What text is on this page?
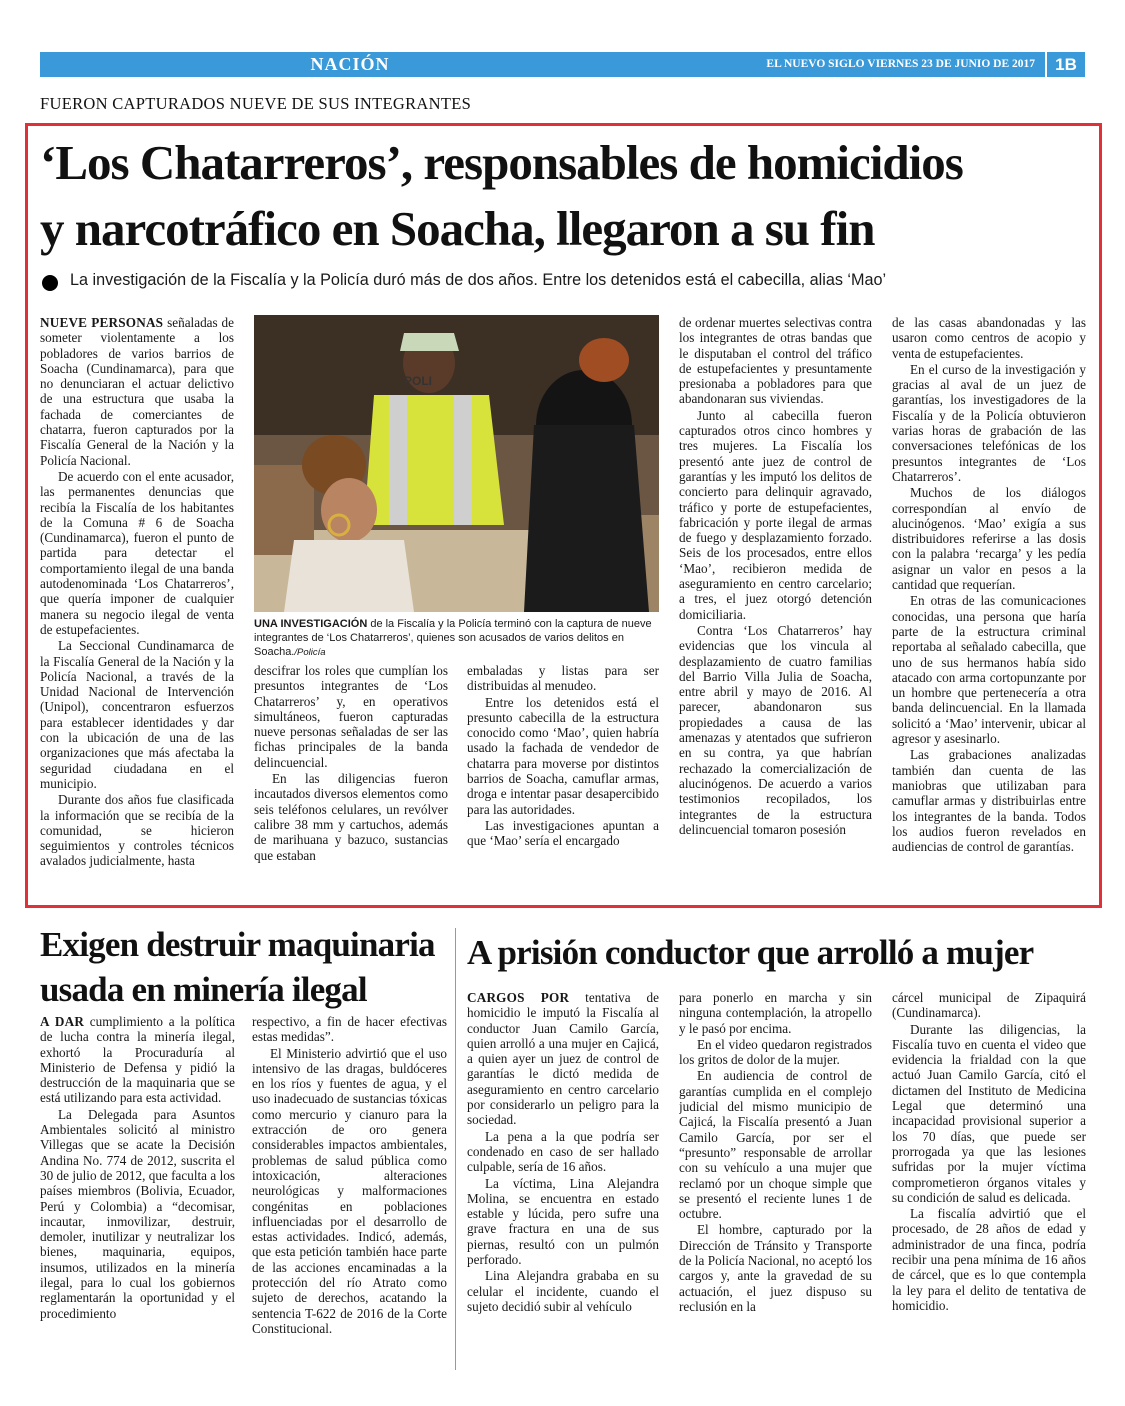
NACIÓN	EL NUEVO SIGLO VIERNES 23 DE JUNIO DE 2017	1B
FUERON CAPTURADOS NUEVE DE SUS INTEGRANTES
‘Los Chatarreros’, responsables de homicidios
y narcotráfico en Soacha, llegaron a su fin
La investigación de la Fiscalía y la Policía duró más de dos años. Entre los detenidos está el cabecilla, alias ‘Mao’

NUEVE PERSONAS señaladas de someter violentamente a los pobladores de varios barrios de Soacha (Cundinamarca), para que no denunciaran el actuar delictivo de una estructura que usaba la fachada de comerciantes de chatarra, fueron capturados por la Fiscalía General de la Nación y la Policía Nacional.

De acuerdo con el ente acusador, las permanentes denuncias que recibía la Fiscalía de los habitantes de la Comuna # 6 de Soacha (Cundinamarca), fueron el punto de partida para detectar el comportamiento ilegal de una banda autodenominada ‘Los Chatarreros’, que quería imponer de cualquier manera su negocio ilegal de venta de estupefacientes.

La Seccional Cundinamarca de la Fiscalía General de la Nación y la Policía Nacional, a través de la Unidad Nacional de Intervención (Unipol), concentraron esfuerzos para establecer identidades y dar con la ubicación de una de las organizaciones que más afectaba la seguridad ciudadana en el municipio.

Durante dos años fue clasificada la información que se recibía de la comunidad, se hicieron seguimientos y controles técnicos avalados judicialmente, hasta

POLI
UNA INVESTIGACIÓN de la Fiscalía y la Policía terminó con la captura de nueve integrantes de ‘Los Chatarreros’, quienes son acusados de varios delitos en Soacha./Policía

descifrar los roles que cumplían los presuntos integrantes de ‘Los Chatarreros’ y, en operativos simultáneos, fueron capturadas nueve personas señaladas de ser las fichas principales de la banda delincuencial.

En las diligencias fueron incautados diversos elementos como seis teléfonos celulares, un revólver calibre 38 mm y cartuchos, además de marihuana y bazuco, sustancias que estaban

embaladas y listas para ser distribuidas al menudeo.

Entre los detenidos está el presunto cabecilla de la estructura conocido como ‘Mao’, quien habría usado la fachada de vendedor de chatarra para moverse por distintos barrios de Soacha, camuflar armas, droga e intentar pasar desapercibido para las autoridades.

Las investigaciones apuntan a que ‘Mao’ sería el encargado

de ordenar muertes selectivas contra los integrantes de otras bandas que le disputaban el control del tráfico de estupefacientes y presuntamente presionaba a pobladores para que abandonaran sus viviendas.

Junto al cabecilla fueron capturados otros cinco hombres y tres mujeres. La Fiscalía los presentó ante juez de control de garantías y les imputó los delitos de concierto para delinquir agravado, tráfico y porte de estupefacientes, fabricación y porte ilegal de armas de fuego y desplazamiento forzado. Seis de los procesados, entre ellos ‘Mao’, recibieron medida de aseguramiento en centro carcelario; a tres, el juez otorgó detención domiciliaria.

Contra ‘Los Chatarreros’ hay evidencias que los vincula al desplazamiento de cuatro familias del Barrio Villa Julia de Soacha, entre abril y mayo de 2016. Al parecer, abandonaron sus propiedades a causa de las amenazas y atentados que sufrieron en su contra, ya que habrían rechazado la comercialización de alucinógenos. De acuerdo a varios testimonios recopilados, los integrantes de la estructura delincuencial tomaron posesión

de las casas abandonadas y las usaron como centros de acopio y venta de estupefacientes.

En el curso de la investigación y gracias al aval de un juez de garantías, los investigadores de la Fiscalía y de la Policía obtuvieron varias horas de grabación de las conversaciones telefónicas de los presuntos integrantes de ‘Los Chatarreros’.

Muchos de los diálogos correspondían al envío de alucinógenos. ‘Mao’ exigía a sus distribuidores referirse a las dosis con la palabra ‘recarga’ y les pedía asignar un valor en pesos a la cantidad que requerían.

En otras de las comunicaciones conocidas, una persona que haría parte de la estructura criminal reportaba al señalado cabecilla, que uno de sus hermanos había sido atacado con arma cortopunzante por un hombre que pertenecería a otra banda delincuencial. En la llamada solicitó a ‘Mao’ intervenir, ubicar al agresor y asesinarlo.

Las grabaciones analizadas también dan cuenta de las maniobras que utilizaban para camuflar armas y distribuirlas entre los integrantes de la banda. Todos los audios fueron revelados en audiencias de control de garantías.

Exigen destruir maquinaria
usada en minería ilegal

A DAR cumplimiento a la política de lucha contra la minería ilegal, exhortó la Procuraduría al Ministerio de Defensa y pidió la destrucción de la maquinaria que se está utilizando para esta actividad.

La Delegada para Asuntos Ambientales solicitó al ministro Villegas que se acate la Decisión Andina No. 774 de 2012, suscrita el 30 de julio de 2012, que faculta a los países miembros (Bolivia, Ecuador, Perú y Colombia) a “decomisar, incautar, inmovilizar, destruir, demoler, inutilizar y neutralizar los bienes, maquinaria, equipos, insumos, utilizados en la minería ilegal, para lo cual los gobiernos reglamentarán la oportunidad y el procedimiento

respectivo, a fin de hacer efectivas estas medidas”.

El Ministerio advirtió que el uso intensivo de las dragas, buldóceres en los ríos y fuentes de agua, y el uso inadecuado de sustancias tóxicas como mercurio y cianuro para la extracción de oro genera considerables impactos ambientales, problemas de salud pública como intoxicación, alteraciones neurológicas y malformaciones congénitas en poblaciones influenciadas por el desarrollo de estas actividades. Indicó, además, que esta petición también hace parte de las acciones encaminadas a la protección del río Atrato como sujeto de derechos, acatando la sentencia T-622 de 2016 de la Corte Constitucional.

A prisión conductor que arrolló a mujer

CARGOS POR tentativa de homicidio le imputó la Fiscalía al conductor Juan Camilo García, quien arrolló a una mujer en Cajicá, a quien ayer un juez de control de garantías le dictó medida de aseguramiento en centro carcelario por considerarlo un peligro para la sociedad.

La pena a la que podría ser condenado en caso de ser hallado culpable, sería de 16 años.

La víctima, Lina Alejandra Molina, se encuentra en estado estable y lúcida, pero sufre una grave fractura en una de sus piernas, resultó con un pulmón perforado.

Lina Alejandra grababa en su celular el incidente, cuando el sujeto decidió subir al vehículo

para ponerlo en marcha y sin ninguna contemplación, la atropello y le pasó por encima.

En el video quedaron registrados los gritos de dolor de la mujer.

En audiencia de control de garantías cumplida en el complejo judicial del mismo municipio de Cajicá, la Fiscalía presentó a Juan Camilo García, por ser el “presunto” responsable de arrollar con su vehículo a una mujer que reclamó por un choque simple que se presentó el reciente lunes 1 de octubre.

El hombre, capturado por la Dirección de Tránsito y Transporte de la Policía Nacional, no aceptó los cargos y, ante la gravedad de su actuación, el juez dispuso su reclusión en la

cárcel municipal de Zipaquirá (Cundinamarca).

Durante las diligencias, la Fiscalía tuvo en cuenta el video que evidencia la frialdad con la que actuó Juan Camilo García, citó el dictamen del Instituto de Medicina Legal que determinó una incapacidad provisional superior a los 70 días, que puede ser prorrogada ya que las lesiones sufridas por la mujer víctima comprometieron órganos vitales y su condición de salud es delicada.

La fiscalía advirtió que el procesado, de 28 años de edad y administrador de una finca, podría recibir una pena mínima de 16 años de cárcel, que es lo que contempla la ley para el delito de tentativa de homicidio.
